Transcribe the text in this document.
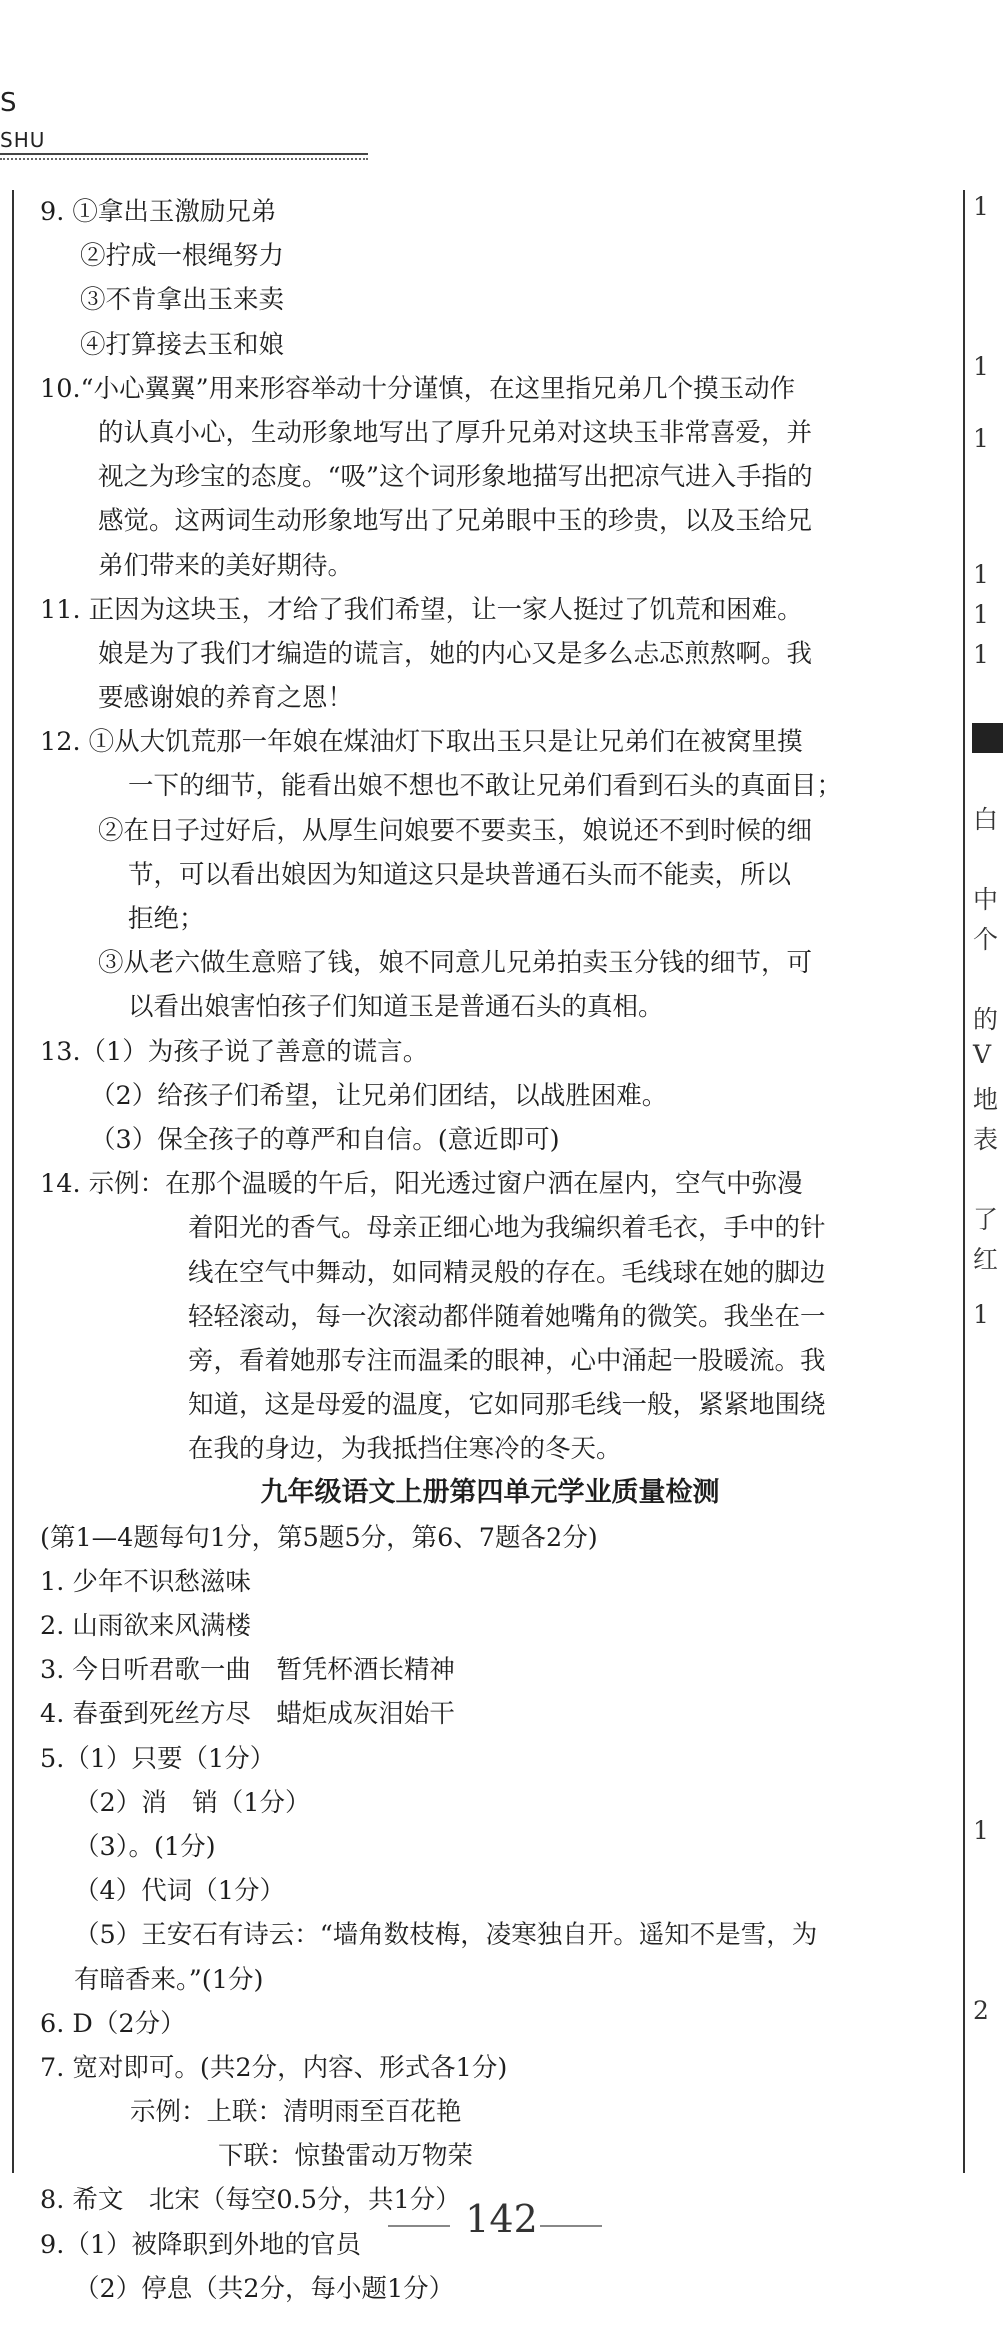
S
SHU
9. ①拿出玉激励兄弟
②拧成一根绳努力
③不肯拿出玉来卖
④打算接去玉和娘
10.“小心翼翼”用来形容举动十分谨慎，在这里指兄弟几个摸玉动作
的认真小心，生动形象地写出了厚升兄弟对这块玉非常喜爱，并
视之为珍宝的态度。“吸”这个词形象地描写出把凉气进入手指的
感觉。这两词生动形象地写出了兄弟眼中玉的珍贵，以及玉给兄
弟们带来的美好期待。
11. 正因为这块玉，才给了我们希望，让一家人挺过了饥荒和困难。
娘是为了我们才编造的谎言，她的内心又是多么忐忑煎熬啊。我
要感谢娘的养育之恩！
12. ①从大饥荒那一年娘在煤油灯下取出玉只是让兄弟们在被窝里摸
一下的细节，能看出娘不想也不敢让兄弟们看到石头的真面目；
②在日子过好后，从厚生问娘要不要卖玉，娘说还不到时候的细
节，可以看出娘因为知道这只是块普通石头而不能卖，所以
拒绝；
③从老六做生意赔了钱，娘不同意儿兄弟拍卖玉分钱的细节，可
以看出娘害怕孩子们知道玉是普通石头的真相。
13.（1）为孩子说了善意的谎言。
（2）给孩子们希望，让兄弟们团结，以战胜困难。
（3）保全孩子的尊严和自信。(意近即可)
14. 示例：在那个温暖的午后，阳光透过窗户洒在屋内，空气中弥漫
着阳光的香气。母亲正细心地为我编织着毛衣，手中的针
线在空气中舞动，如同精灵般的存在。毛线球在她的脚边
轻轻滚动，每一次滚动都伴随着她嘴角的微笑。我坐在一
旁，看着她那专注而温柔的眼神，心中涌起一股暖流。我
知道，这是母爱的温度，它如同那毛线一般，紧紧地围绕
在我的身边，为我抵挡住寒冷的冬天。
九年级语文上册第四单元学业质量检测
(第1—4题每句1分，第5题5分，第6、7题各2分)
1. 少年不识愁滋味
2. 山雨欲来风满楼
3. 今日听君歌一曲　暂凭杯酒长精神
4. 春蚕到死丝方尽　蜡炬成灰泪始干
5.（1）只要（1分）
（2）消　销（1分）
（3）。(1分)
（4）代词（1分）
（5）王安石有诗云：“墙角数枝梅，凌寒独自开。遥知不是雪，为
有暗香来。”(1分)
6. D（2分）
7. 宽对即可。(共2分，内容、形式各1分)
示例：上联：清明雨至百花艳
下联：惊蛰雷动万物荣
8. 希文　北宋（每空0.5分，共1分）
9.（1）被降职到外地的官员
（2）停息（共2分，每小题1分）
142
1
1
1
1
1
1
白
中
个
的
V
地
表
了
红
1
1
2
